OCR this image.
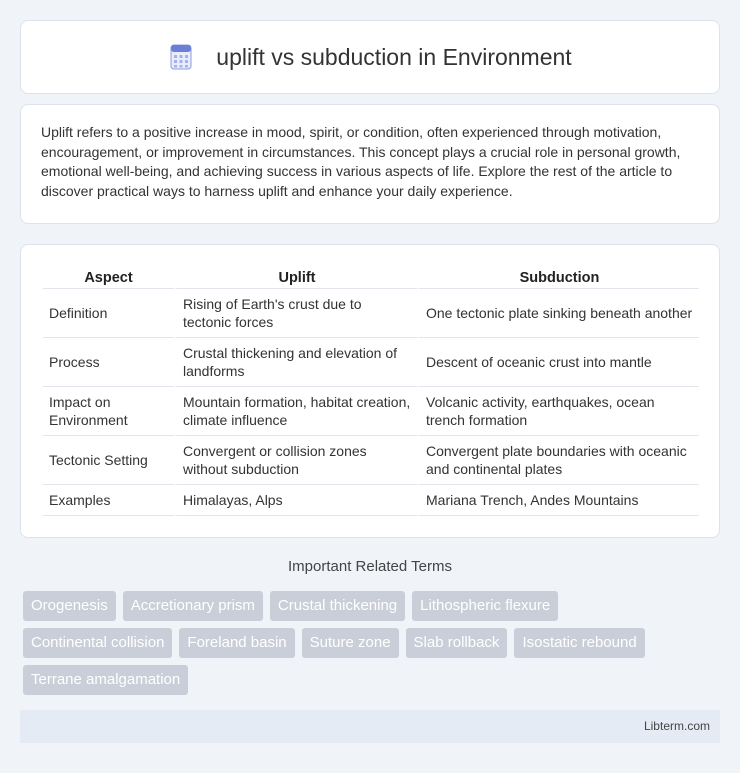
uplift vs subduction in Environment

Uplift refers to a positive increase in mood, spirit, or condition, often experienced through motivation, encouragement, or improvement in circumstances. This concept plays a crucial role in personal growth, emotional well-being, and achieving success in various aspects of life. Explore the rest of the article to discover practical ways to harness uplift and enhance your daily experience.

Aspect	Uplift	Subduction
Definition	Rising of Earth's crust due to tectonic forces	One tectonic plate sinking beneath another
Process	Crustal thickening and elevation of landforms	Descent of oceanic crust into mantle
Impact on Environment	Mountain formation, habitat creation, climate influence	Volcanic activity, earthquakes, ocean trench formation
Tectonic Setting	Convergent or collision zones without subduction	Convergent plate boundaries with oceanic and continental plates
Examples	Himalayas, Alps	Mariana Trench, Andes Mountains
Important Related Terms
Orogenesis	Accretionary prism	Crustal thickening	Lithospheric flexure
Continental collision	Foreland basin	Suture zone	Slab rollback	Isostatic rebound
Terrane amalgamation
Libterm.com
